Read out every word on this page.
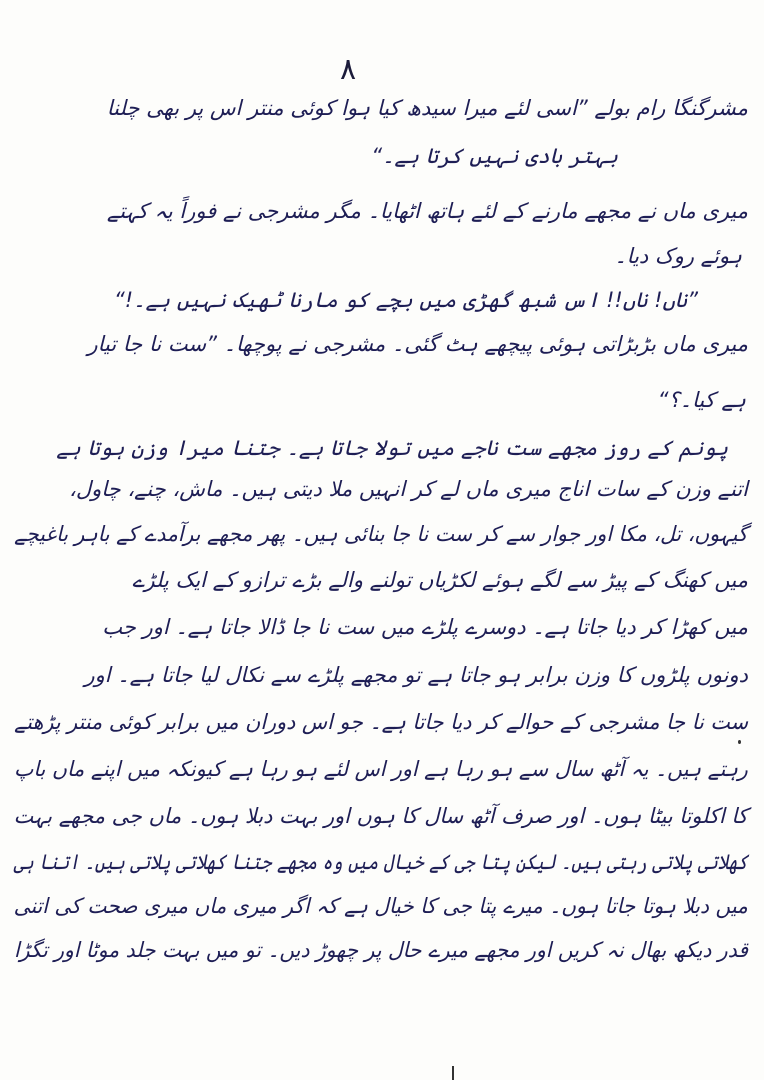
۸
مشرگنگا رام بولے ”اسی لئے میرا سیدھ کیا ہوا کوئی منتر اس پر بھی چلنا
بہتر بادی نہیں کرتا ہے۔“
میری ماں نے مجھے مارنے کے لئے ہاتھ اٹھایا۔ مگر مشرجی نے فوراً یہ کہتے
ہوئے روک دیا۔
”ناں! ناں!! اس شبھ گھڑی میں بچے کو مارنا ٹھیک نہیں ہے۔!“
میری ماں بڑبڑاتی ہوئی پیچھے ہٹ گئی۔ مشرجی نے پوچھا۔ ”ست نا جا تیار
ہے کیا۔؟“
پونم کے روز مجھے ست ناجے میں تولا جاتا ہے۔ جتنا میرا وزن ہوتا ہے
اتنے وزن کے سات اناج میری ماں لے کر انہیں ملا دیتی ہیں۔ ماش، چنے، چاول،
گیہوں، تل، مکا اور جوار سے کر ست نا جا بنائی ہیں۔ پھر مجھے برآمدے کے باہر باغیچے
میں کھنگ کے پیڑ سے لگے ہوئے لکڑیاں تولنے والے بڑے ترازو کے ایک پلڑے
میں کھڑا کر دیا جاتا ہے۔ دوسرے پلڑے میں ست نا جا ڈالا جاتا ہے۔ اور جب
دونوں پلڑوں کا وزن برابر ہو جاتا ہے تو مجھے پلڑے سے نکال لیا جاتا ہے۔ اور
ست نا جا مشرجی کے حوالے کر دیا جاتا ہے۔ جو اس دوران میں برابر کوئی منتر پڑھتے
رہتے ہیں۔ یہ آٹھ سال سے ہو رہا ہے اور اس لئے ہو رہا ہے کیونکہ میں اپنے ماں باپ
کا اکلوتا بیٹا ہوں۔ اور صرف آٹھ سال کا ہوں اور بہت دبلا ہوں۔ ماں جی مجھے بہت
کھلاتی پلاتی رہتی ہیں۔ لیکن پتا جی کے خیال میں وہ مجھے جتنا کھلاتی پلاتی ہیں۔ اتنا ہی
میں دبلا ہوتا جاتا ہوں۔ میرے پتا جی کا خیال ہے کہ اگر میری ماں میری صحت کی اتنی
قدر دیکھ بھال نہ کریں اور مجھے میرے حال پر چھوڑ دیں۔ تو میں بہت جلد موٹا اور تگڑا
